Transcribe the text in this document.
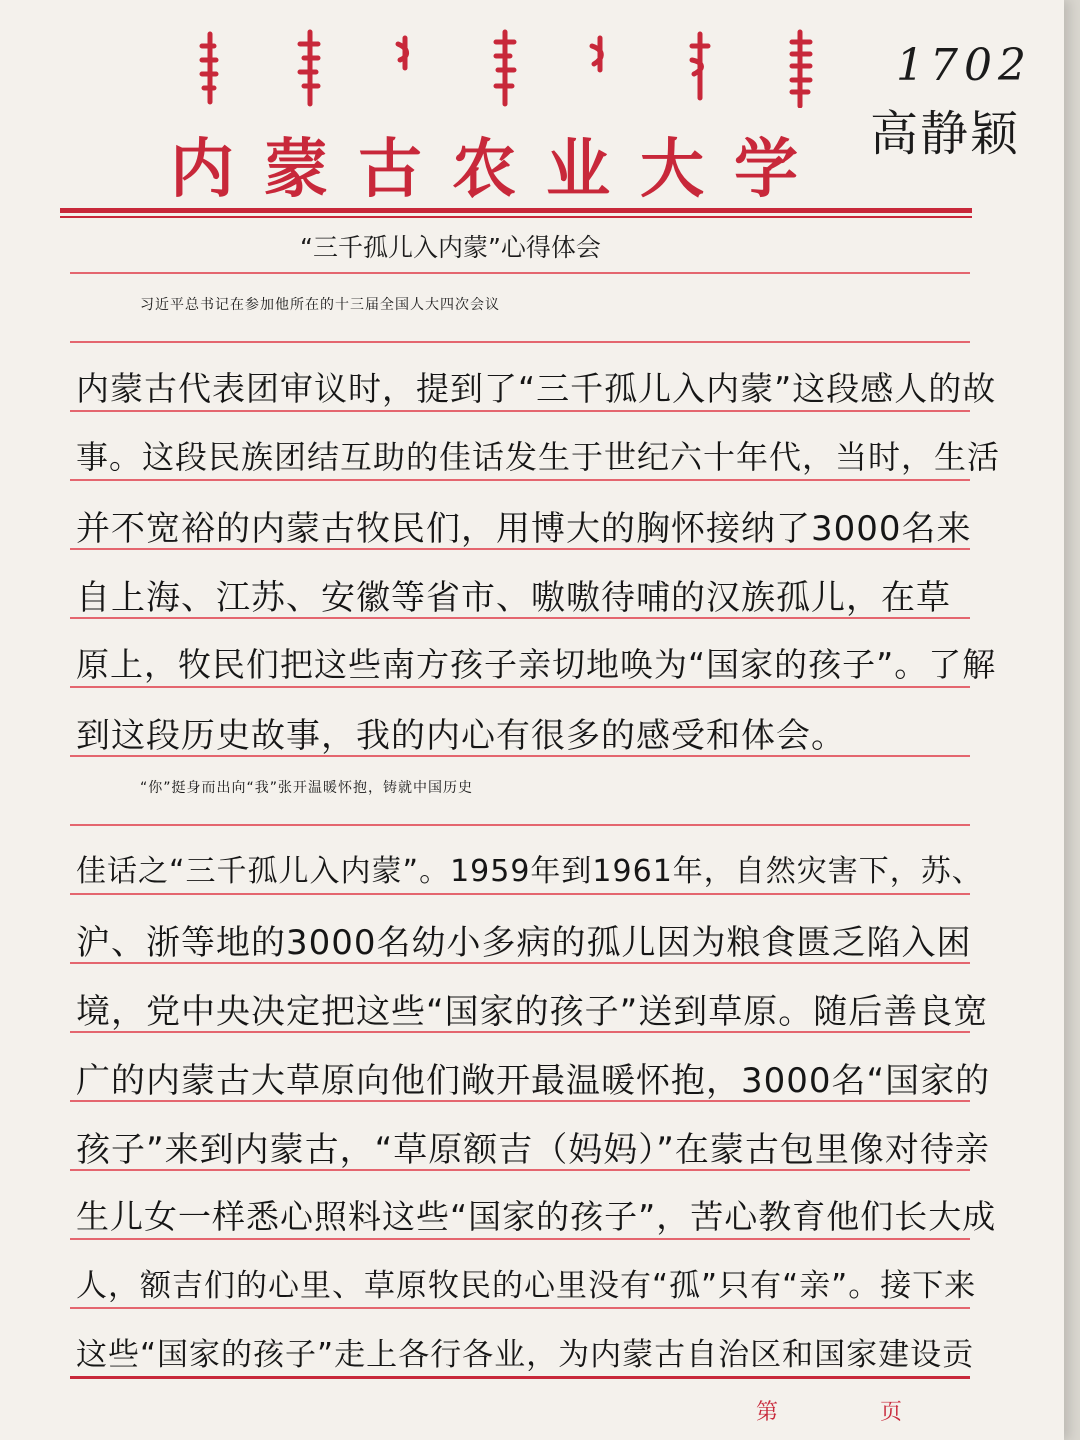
内蒙古农业大学
1702
高静颖
“三千孤儿入内蒙”心得体会
习近平总书记在参加他所在的十三届全国人大四次会议
内蒙古代表团审议时，提到了“三千孤儿入内蒙”这段感人的故
事。这段民族团结互助的佳话发生于世纪六十年代，当时，生活
并不宽裕的内蒙古牧民们，用博大的胸怀接纳了3000名来
自上海、江苏、安徽等省市、嗷嗷待哺的汉族孤儿，在草
原上，牧民们把这些南方孩子亲切地唤为“国家的孩子”。了解
到这段历史故事，我的内心有很多的感受和体会。
“你”挺身而出向“我”张开温暖怀抱，铸就中国历史
佳话之“三千孤儿入内蒙”。1959年到1961年，自然灾害下，苏、
沪、浙等地的3000名幼小多病的孤儿因为粮食匮乏陷入困
境，党中央决定把这些“国家的孩子”送到草原。随后善良宽
广的内蒙古大草原向他们敞开最温暖怀抱，3000名“国家的
孩子”来到内蒙古，“草原额吉（妈妈）”在蒙古包里像对待亲
生儿女一样悉心照料这些“国家的孩子”，苦心教育他们长大成
人，额吉们的心里、草原牧民的心里没有“孤”只有“亲”。接下来
这些“国家的孩子”走上各行各业，为内蒙古自治区和国家建设贡
第	页
